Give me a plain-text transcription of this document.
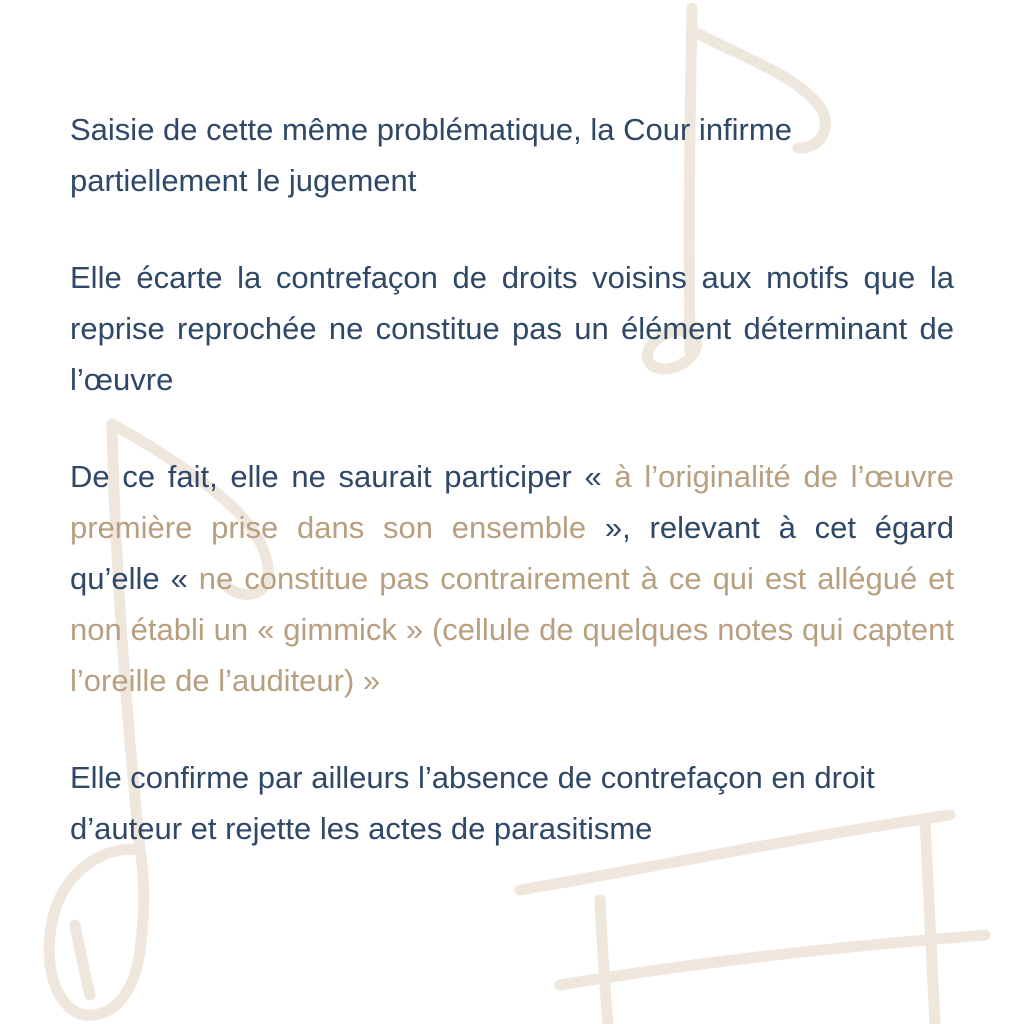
Saisie de cette même problématique, la Cour infirme partiellement le jugement

Elle écarte la contrefaçon de droits voisins aux motifs que la reprise reprochée ne constitue pas un élément déterminant de l’œuvre

De ce fait, elle ne saurait participer « à l’originalité de l’œuvre première prise dans son ensemble », relevant à cet égard qu’elle « ne constitue pas contrairement à ce qui est allégué et non établi un « gimmick » (cellule de quelques notes qui captent l’oreille de l’auditeur) »

Elle confirme par ailleurs l’absence de contrefaçon en droit d’auteur et rejette les actes de parasitisme
